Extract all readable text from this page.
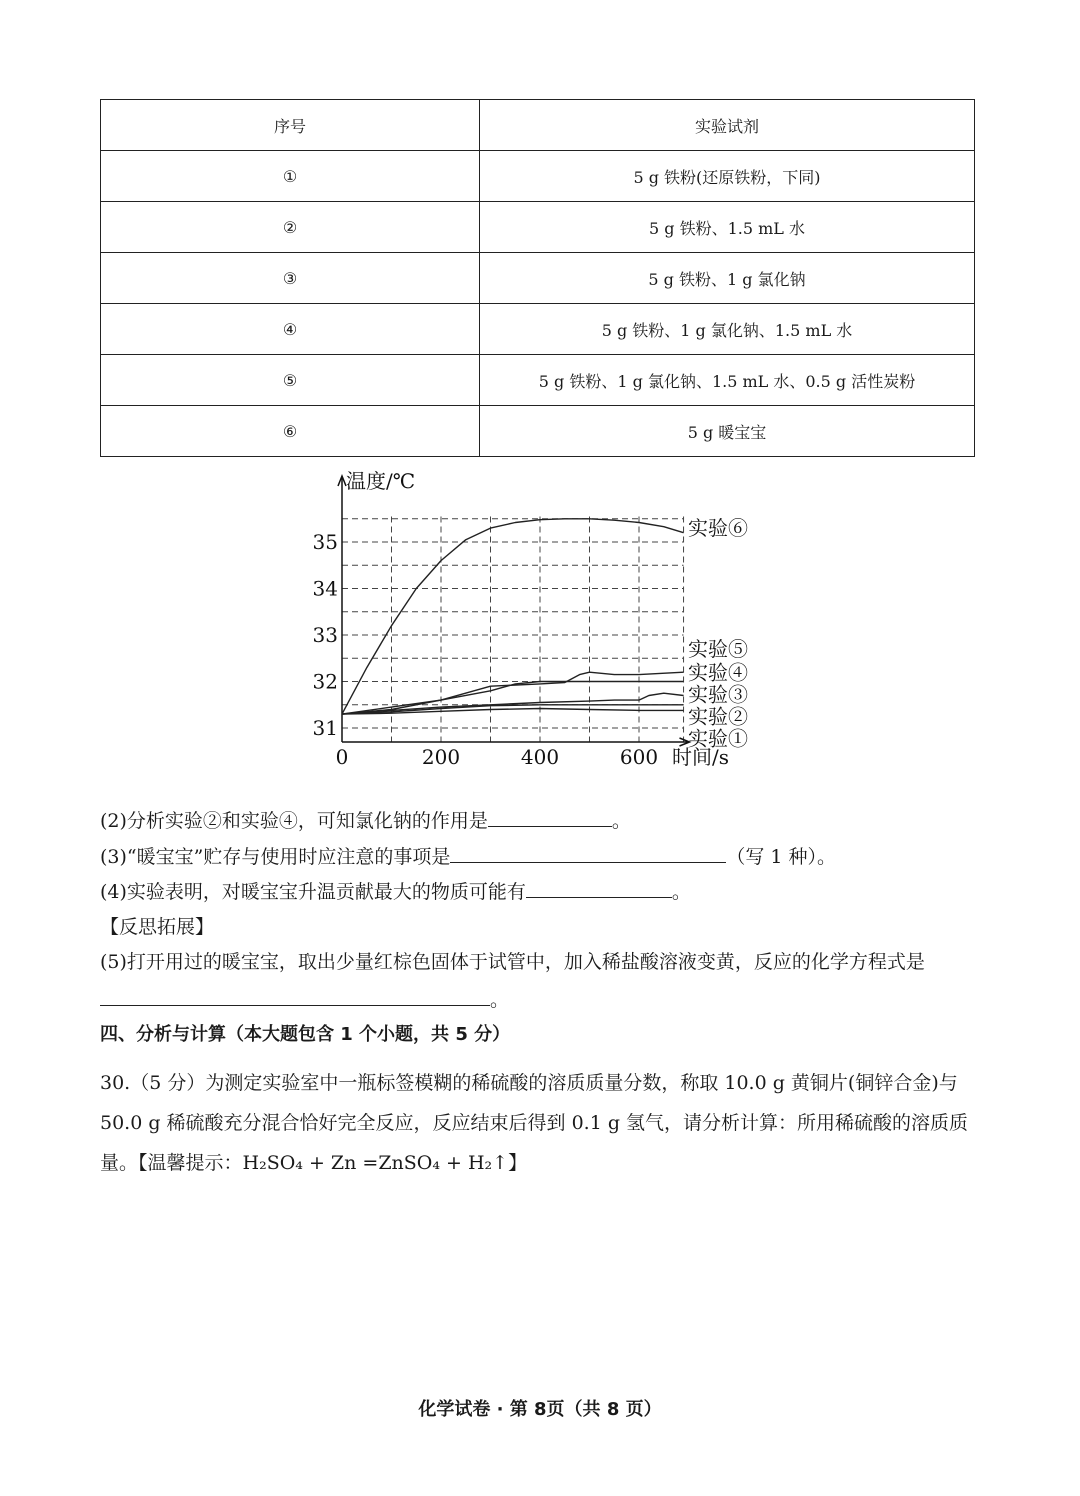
序号	实验试剂
①	5 g 铁粉(还原铁粉，下同)
②	5 g 铁粉、1.5 mL 水
③	5 g 铁粉、1 g 氯化钠
④	5 g 铁粉、1 g 氯化钠、1.5 mL 水
⑤	5 g 铁粉、1 g 氯化钠、1.5 mL 水、0.5 g 活性炭粉
⑥	5 g 暖宝宝
温度/℃
时间/s
0	200	400	600
31
32
33
34
35
实验⑥
实验⑤
实验④
实验③
实验②
实验①
(2)分析实验②和实验④，可知氯化钠的作用是	。
(3)“暖宝宝”贮存与使用时应注意的事项是	（写 1 种）。
(4)实验表明，对暖宝宝升温贡献最大的物质可能有	。
【反思拓展】
(5)打开用过的暖宝宝，取出少量红棕色固体于试管中，加入稀盐酸溶液变黄，反应的化学方程式是
。
四、分析与计算（本大题包含 1 个小题，共 5 分）
30.（5 分）为测定实验室中一瓶标签模糊的稀硫酸的溶质质量分数，称取 10.0 g 黄铜片(铜锌合金)与 50.0 g 稀硫酸充分混合恰好完全反应，反应结束后得到 0.1 g 氢气，请分析计算：所用稀硫酸的溶质质量。【温馨提示：H₂SO₄ + Zn =ZnSO₄ + H₂↑】
化学试卷 · 第 8页（共 8 页）
